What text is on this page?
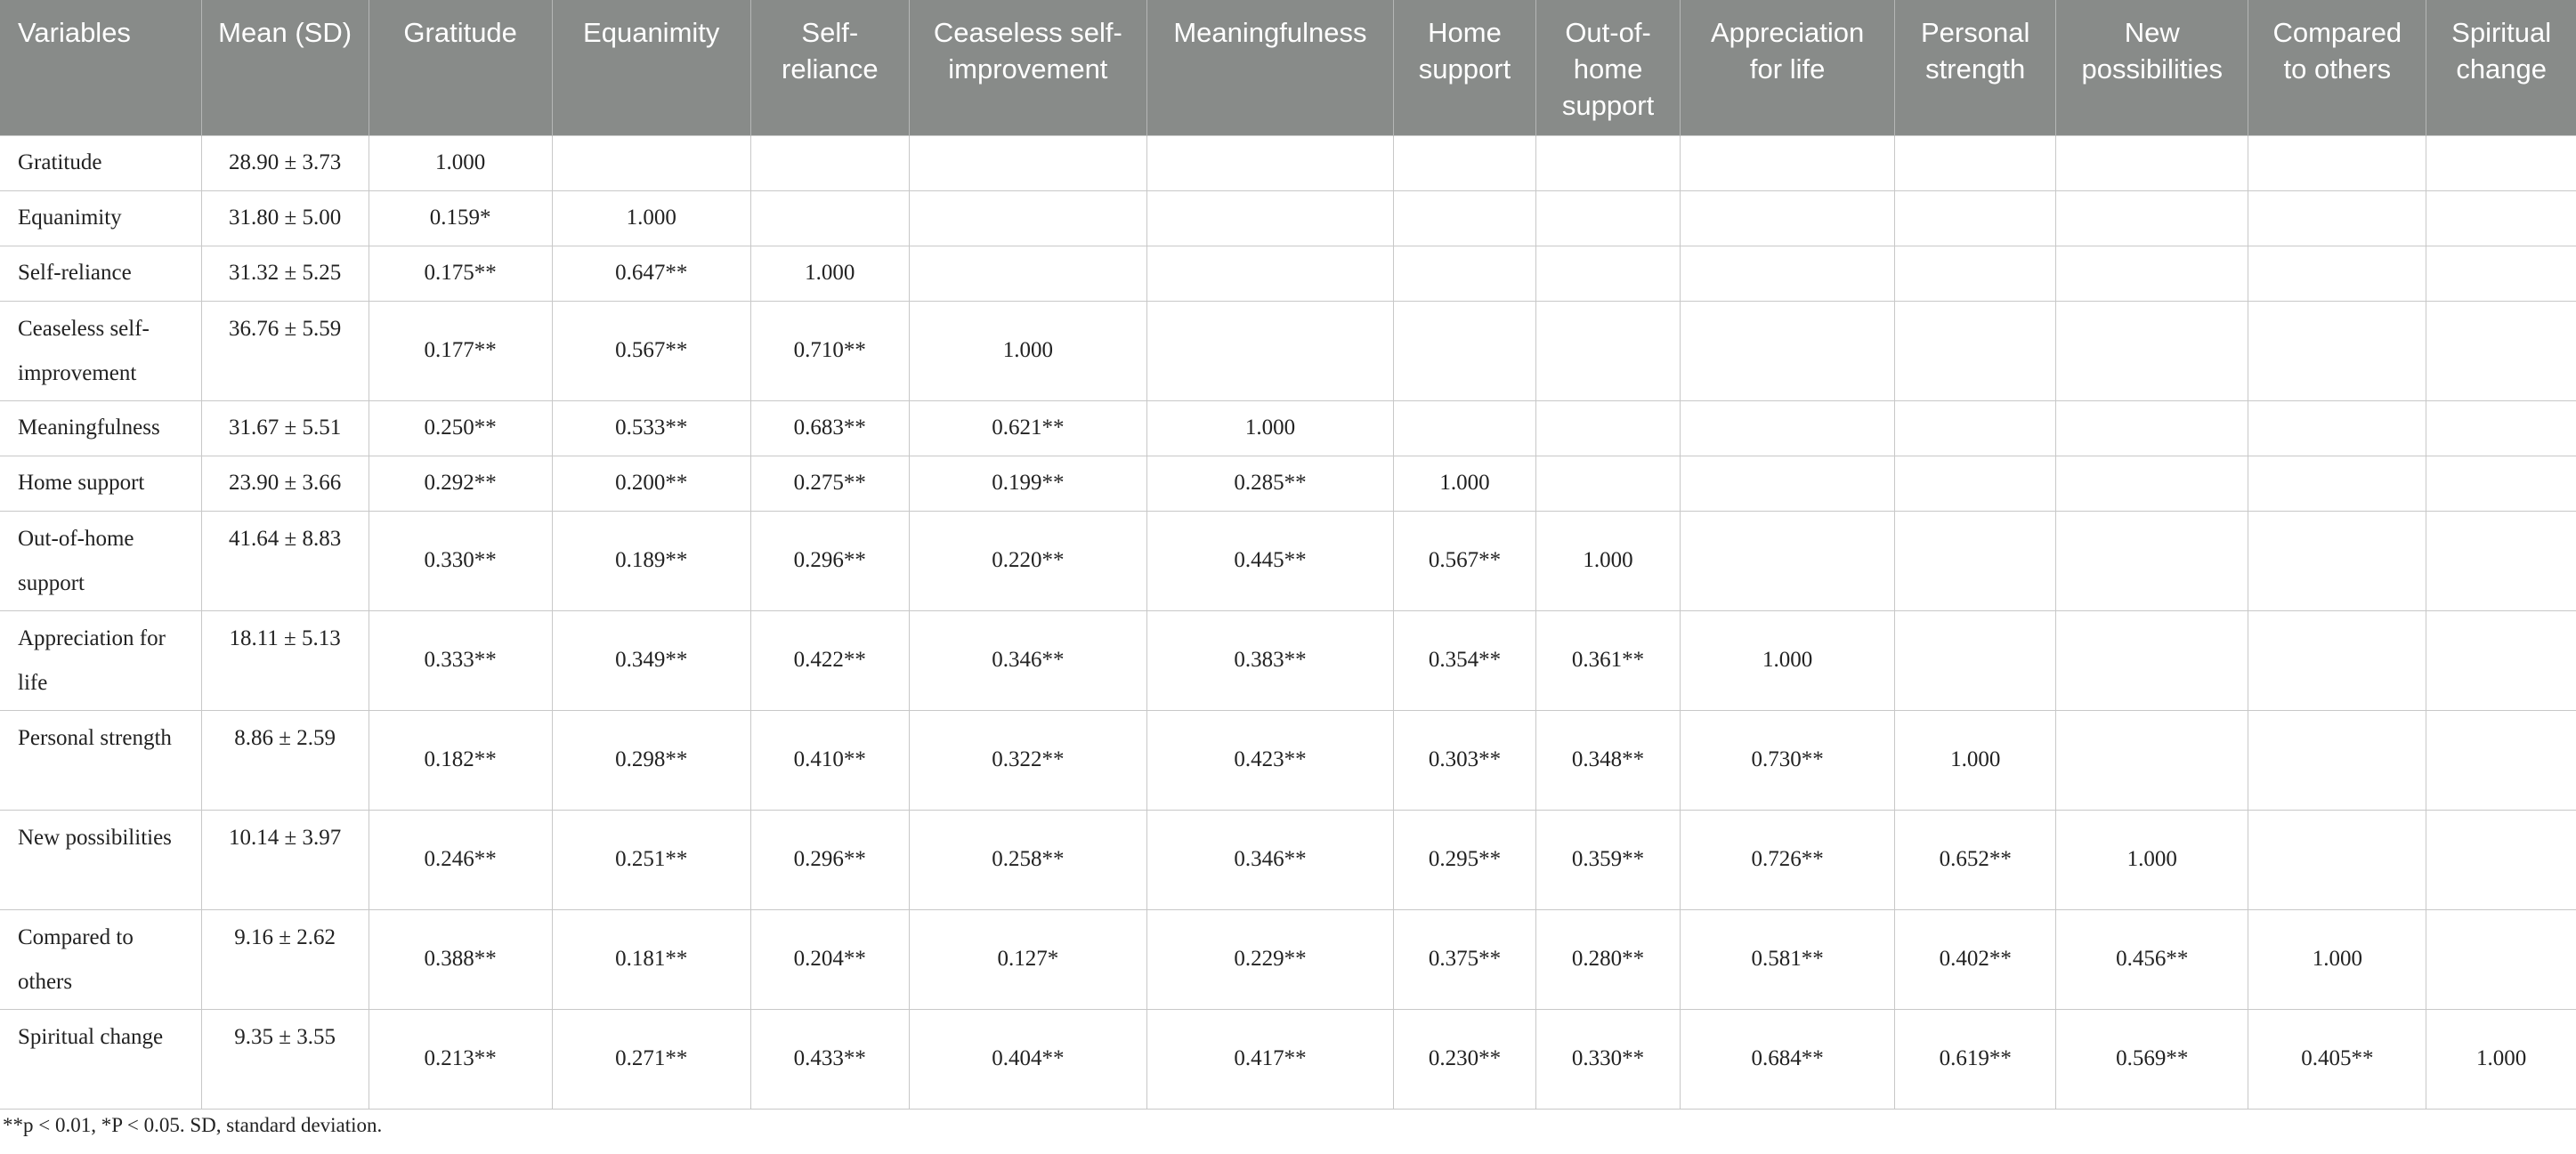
Variables	Mean (SD)	Gratitude	Equanimity	Self-reliance	Ceaseless self-improvement	Meaningfulness	Home support	Out-of-home support	Appreciation for life	Personal strength	New possibilities	Compared to others	Spiritual change
Gratitude	28.90 ± 3.73	1.000											
Equanimity	31.80 ± 5.00	0.159*	1.000										
Self-reliance	31.32 ± 5.25	0.175**	0.647**	1.000									
Ceaseless self-improvement	36.76 ± 5.59	0.177**	0.567**	0.710**	1.000								
Meaningfulness	31.67 ± 5.51	0.250**	0.533**	0.683**	0.621**	1.000							
Home support	23.90 ± 3.66	0.292**	0.200**	0.275**	0.199**	0.285**	1.000						
Out-of-home support	41.64 ± 8.83	0.330**	0.189**	0.296**	0.220**	0.445**	0.567**	1.000					
Appreciation for life	18.11 ± 5.13	0.333**	0.349**	0.422**	0.346**	0.383**	0.354**	0.361**	1.000				
Personal strength	8.86 ± 2.59	0.182**	0.298**	0.410**	0.322**	0.423**	0.303**	0.348**	0.730**	1.000			
New possibilities	10.14 ± 3.97	0.246**	0.251**	0.296**	0.258**	0.346**	0.295**	0.359**	0.726**	0.652**	1.000		
Compared to others	9.16 ± 2.62	0.388**	0.181**	0.204**	0.127*	0.229**	0.375**	0.280**	0.581**	0.402**	0.456**	1.000	
Spiritual change	9.35 ± 3.55	0.213**	0.271**	0.433**	0.404**	0.417**	0.230**	0.330**	0.684**	0.619**	0.569**	0.405**	1.000
**p < 0.01, *P < 0.05. SD, standard deviation.
